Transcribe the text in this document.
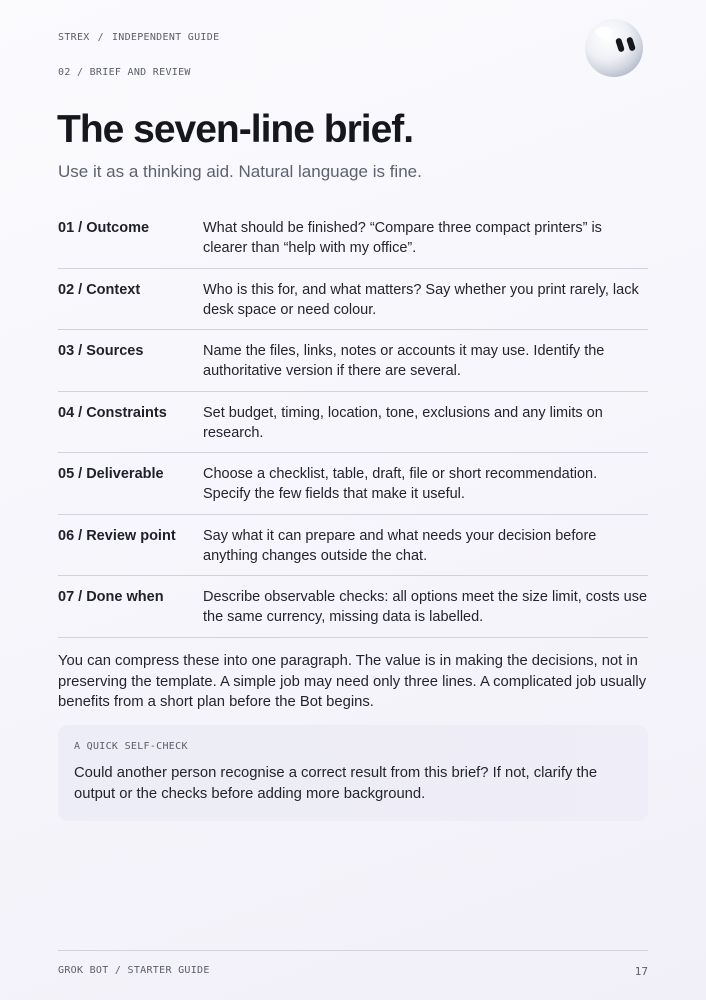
STREX / INDEPENDENT GUIDE
02 / BRIEF AND REVIEW
The seven-line brief.

Use it as a thinking aid. Natural language is fine.

01 / Outcome	What should be finished? “Compare three compact printers” is clearer than “help with my office”.
02 / Context	Who is this for, and what matters? Say whether you print rarely, lack desk space or need colour.
03 / Sources	Name the files, links, notes or accounts it may use. Identify the authoritative version if there are several.
04 / Constraints	Set budget, timing, location, tone, exclusions and any limits on research.
05 / Deliverable	Choose a checklist, table, draft, file or short recommendation. Specify the few fields that make it useful.
06 / Review point	Say what it can prepare and what needs your decision before anything changes outside the chat.
07 / Done when	Describe observable checks: all options meet the size limit, costs use the same currency, missing data is labelled.

You can compress these into one paragraph. The value is in making the decisions, not in preserving the template. A simple job may need only three lines. A complicated job usually benefits from a short plan before the Bot begins.

A QUICK SELF-CHECK
Could another person recognise a correct result from this brief? If not, clarify the output or the checks before adding more background.
GROK BOT / STARTER GUIDE	17
